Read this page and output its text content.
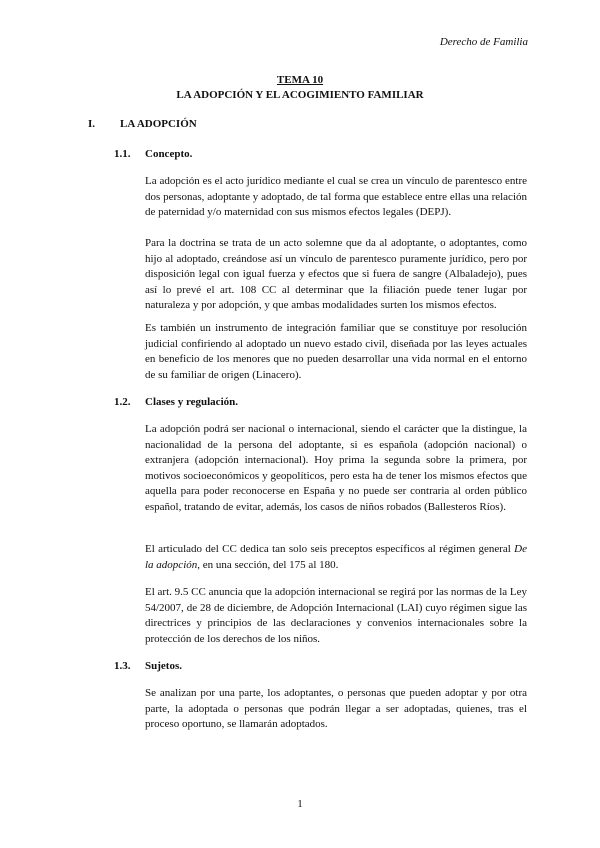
Derecho de Familia
TEMA 10
LA ADOPCIÓN Y EL ACOGIMIENTO FAMILIAR
I. LA ADOPCIÓN
1.1. Concepto.

La adopción es el acto jurídico mediante el cual se crea un vínculo de parentesco entre dos personas, adoptante y adoptado, de tal forma que establece entre ellas una relación de paternidad y/o maternidad con sus mismos efectos legales (DEPJ).

Para la doctrina se trata de un acto solemne que da al adoptante, o adoptantes, como hijo al adoptado, creándose así un vínculo de parentesco puramente jurídico, pero por disposición legal con igual fuerza y efectos que si fuera de sangre (Albaladejo), pues así lo prevé el art. 108 CC al determinar que la filiación puede tener lugar por naturaleza y por adopción, y que ambas modalidades surten los mismos efectos.

Es también un instrumento de integración familiar que se constituye por resolución judicial confiriendo al adoptado un nuevo estado civil, diseñada por las leyes actuales en beneficio de los menores que no pueden desarrollar una vida normal en el entorno de su familiar de origen (Linacero).

1.2. Clases y regulación.

La adopción podrá ser nacional o internacional, siendo el carácter que la distingue, la nacionalidad de la persona del adoptante, si es española (adopción nacional) o extranjera (adopción internacional). Hoy prima la segunda sobre la primera, por motivos socioeconómicos y geopolíticos, pero esta ha de tener los mismos efectos que aquella para poder reconocerse en España y no puede ser contraria al orden público español, tratando de evitar, además, los casos de niños robados (Ballesteros Ríos).

El articulado del CC dedica tan solo seis preceptos específicos al régimen general De la adopción, en una sección, del 175 al 180.

El art. 9.5 CC anuncia que la adopción internacional se regirá por las normas de la Ley 54/2007, de 28 de diciembre, de Adopción Internacional (LAI) cuyo régimen sigue las directrices y principios de las declaraciones y convenios internacionales sobre la protección de los derechos de los niños.

1.3. Sujetos.

Se analizan por una parte, los adoptantes, o personas que pueden adoptar y por otra parte, la adoptada o personas que podrán llegar a ser adoptadas, quienes, tras el proceso oportuno, se llamarán adoptados.

1
